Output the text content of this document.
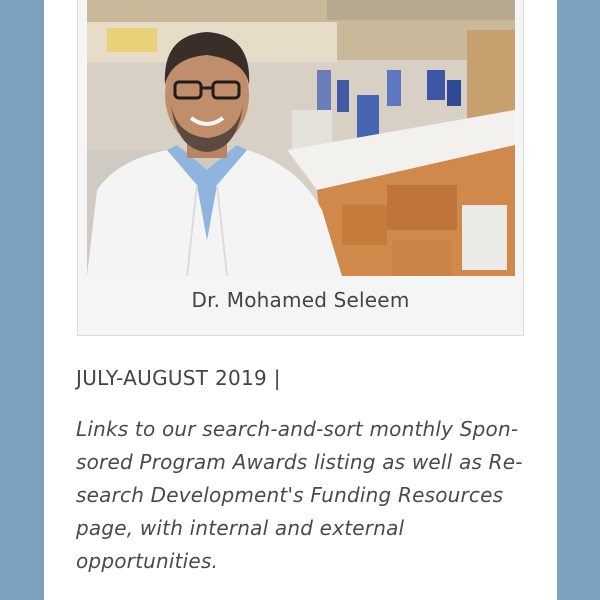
Dr. Mohamed Seleem
JULY-AUGUST 2019 |
Links to our search-and-sort monthly Spon-
sored Program Awards listing as well as Re-
search Development's Funding Resources
page, with internal and external
opportunities.
